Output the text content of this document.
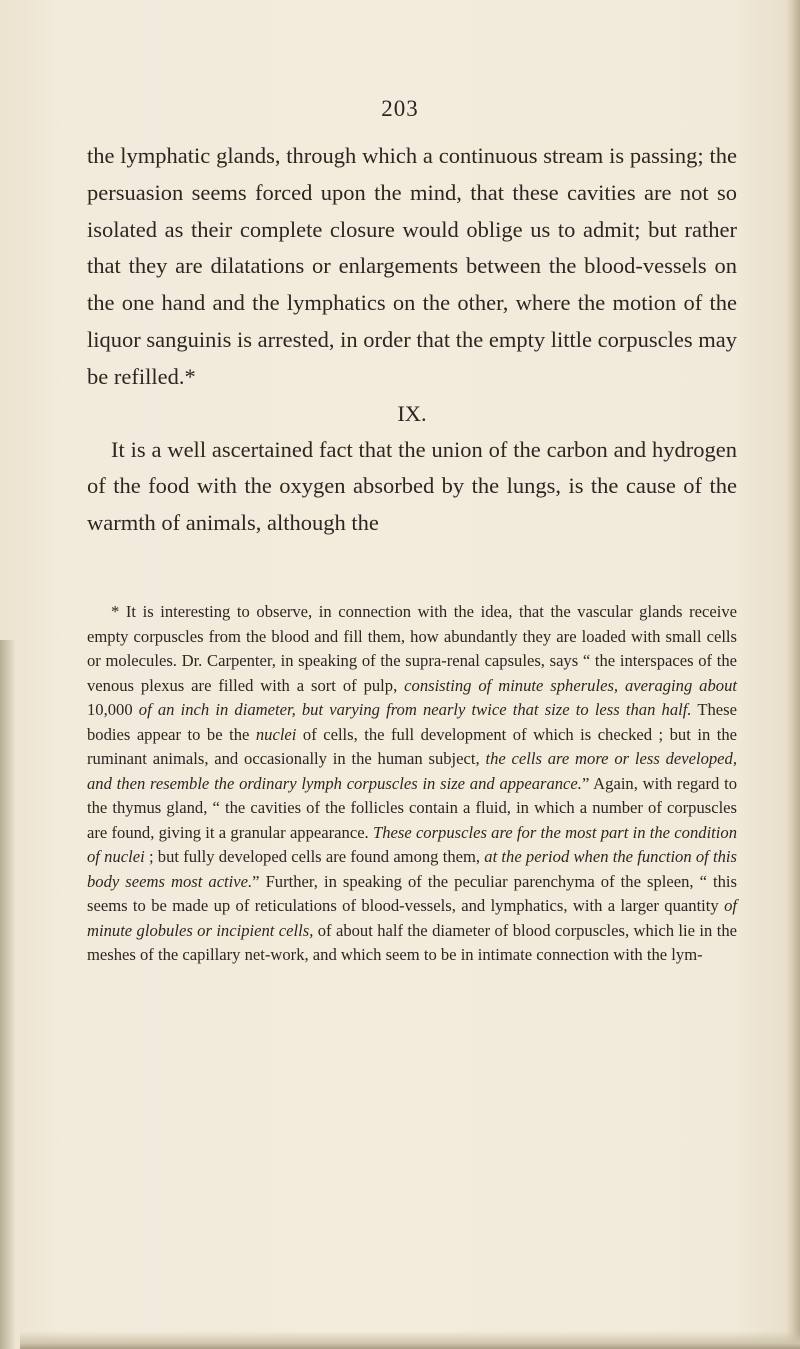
203

the lymphatic glands, through which a continuous stream is passing; the persuasion seems forced upon the mind, that these cavities are not so isolated as their complete closure would oblige us to admit; but rather that they are dilatations or enlargements between the blood-vessels on the one hand and the lymphatics on the other, where the motion of the liquor sanguinis is arrested, in order that the empty little corpuscles may be refilled.*

IX.

It is a well ascertained fact that the union of the carbon and hydrogen of the food with the oxygen absorbed by the lungs, is the cause of the warmth of animals, although the

* It is interesting to observe, in connection with the idea, that the vascular glands receive empty corpuscles from the blood and fill them, how abundantly they are loaded with small cells or molecules. Dr. Carpenter, in speaking of the supra-renal capsules, says “ the interspaces of the venous plexus are filled with a sort of pulp, consisting of minute spherules, averaging about 10,000 of an inch in diameter, but varying from nearly twice that size to less than half. These bodies appear to be the nuclei of cells, the full development of which is checked ; but in the ruminant animals, and occasionally in the human subject, the cells are more or less developed, and then resemble the ordinary lymph corpuscles in size and appearance.” Again, with regard to the thymus gland, “ the cavities of the follicles contain a fluid, in which a number of corpuscles are found, giving it a granular appearance. These corpuscles are for the most part in the condition of nuclei ; but fully developed cells are found among them, at the period when the function of this body seems most active.” Further, in speaking of the peculiar parenchyma of the spleen, “ this seems to be made up of reticulations of blood-vessels, and lymphatics, with a larger quantity of minute globules or incipient cells, of about half the diameter of blood corpuscles, which lie in the meshes of the capillary net-work, and which seem to be in intimate connection with the lym-
